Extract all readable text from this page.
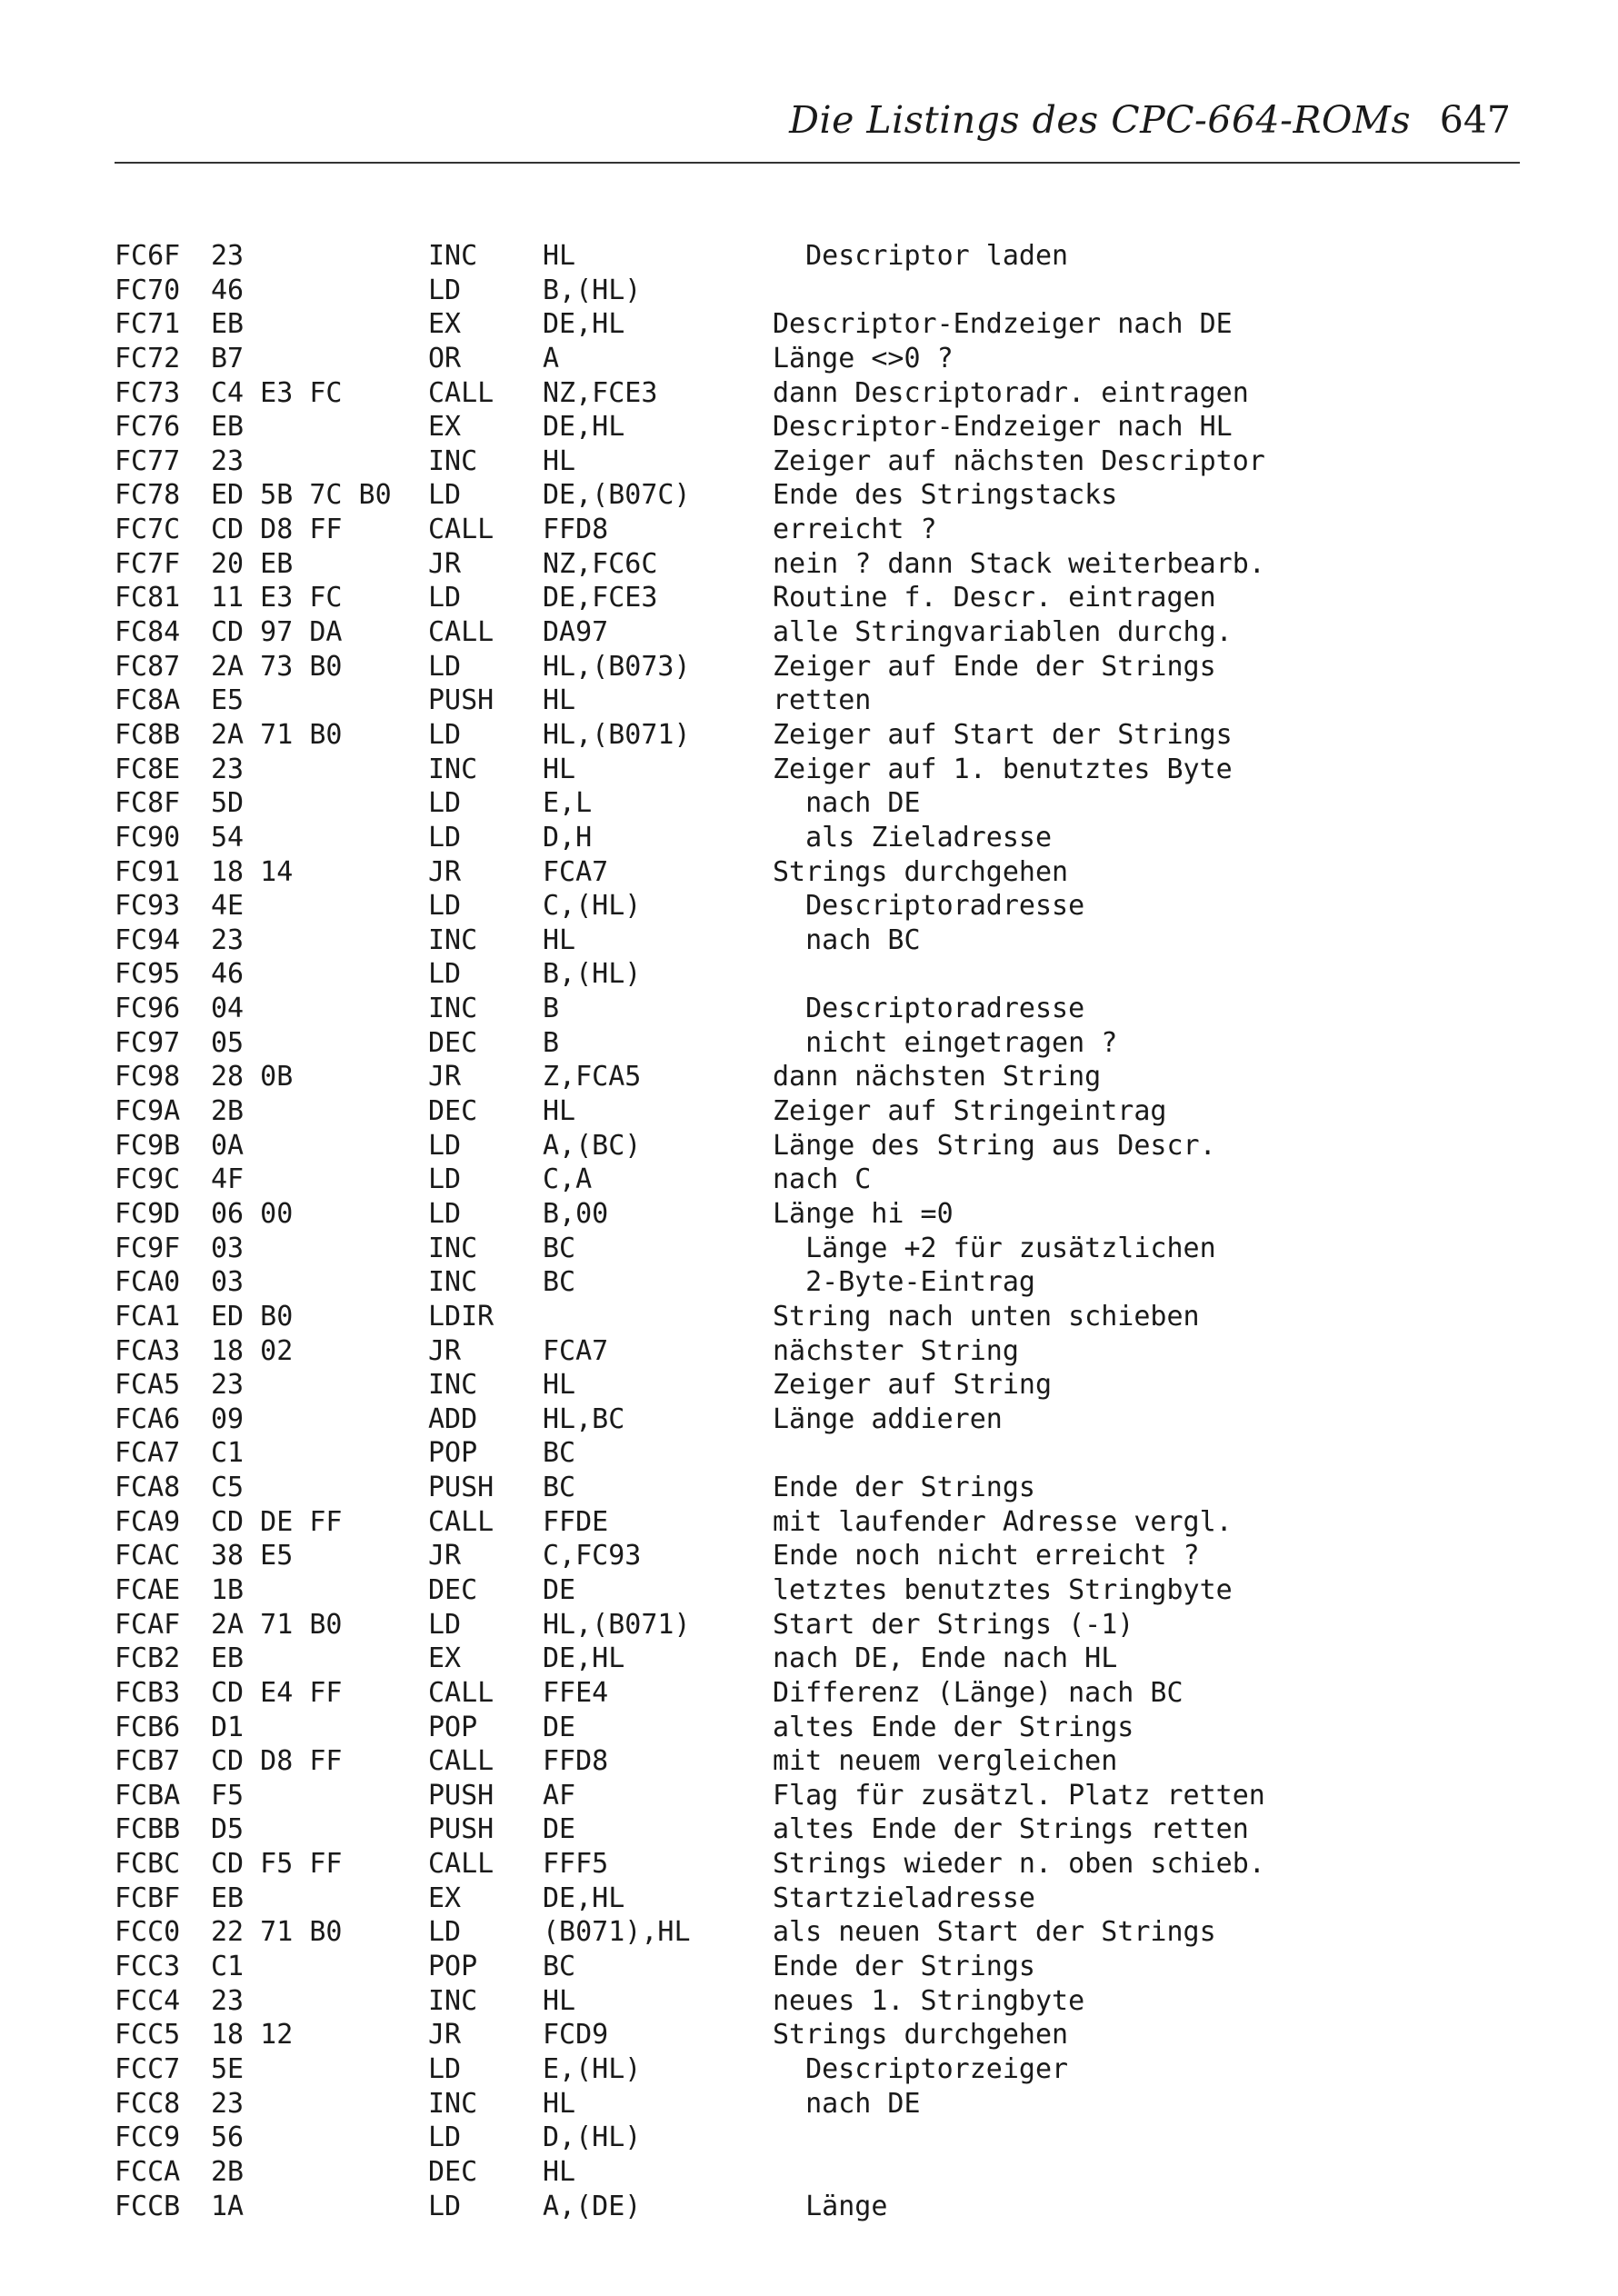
Die Listings des CPC-664-ROMs 647
FC6F 23	INC HL	Descriptor laden
FC70 46	LD	B,(HL)
FC71 EB	EX	DE,HL	Descriptor-Endzeiger nach DE
FC72 B7	OR	A	Länge <>0 ?
FC73 C4 E3 FC	CALL NZ,FCE3	dann Descriptoradr. eintragen
FC76 EB	EX	DE,HL	Descriptor-Endzeiger nach HL
FC77 23	INC HL	Zeiger auf nächsten Descriptor
FC78 ED 5B 7C B0 LD	DE,(B07C)	Ende des Stringstacks
FC7C CD D8 FF	CALL FFD8	erreicht ?
FC7F 20 EB	JR	NZ,FC6C	nein ? dann Stack weiterbearb.
FC81 11 E3 FC	LD	DE,FCE3	Routine f. Descr. eintragen
FC84 CD 97 DA	CALL DA97	alle Stringvariablen durchg.
FC87 2A 73 B0	LD	HL,(B073)	Zeiger auf Ende der Strings
FC8A E5	PUSH HL	retten
FC8B 2A 71 B0	LD	HL,(B071)	Zeiger auf Start der Strings
FC8E 23	INC HL	Zeiger auf 1. benutztes Byte
FC8F 5D	LD	E,L	nach DE
FC90 54	LD	D,H	als Zieladresse
FC91 18 14	JR	FCA7	Strings durchgehen
FC93 4E	LD	C,(HL)	Descriptoradresse
FC94 23	INC HL	nach BC
FC95 46	LD	B,(HL)
FC96 04	INC B	Descriptoradresse
FC97 05	DEC B	nicht eingetragen ?
FC98 28 0B	JR	Z,FCA5	dann nächsten String
FC9A 2B	DEC HL	Zeiger auf Stringeintrag
FC9B 0A	LD	A,(BC)	Länge des String aus Descr.
FC9C 4F	LD	C,A	nach C
FC9D 06 00	LD	B,00	Länge hi =0
FC9F 03	INC BC	Länge +2 für zusätzlichen
FCA0 03	INC BC	2-Byte-Eintrag
FCA1 ED B0	LDIR	String nach unten schieben
FCA3 18 02	JR	FCA7	nächster String
FCA5 23	INC HL	Zeiger auf String
FCA6 09	ADD HL,BC	Länge addieren
FCA7 C1	POP BC
FCA8 C5	PUSH BC	Ende der Strings
FCA9 CD DE FF	CALL FFDE	mit laufender Adresse vergl.
FCAC 38 E5	JR	C,FC93	Ende noch nicht erreicht ?
FCAE 1B	DEC DE	letztes benutztes Stringbyte
FCAF 2A 71 B0	LD	HL,(B071)	Start der Strings (-1)
FCB2 EB	EX	DE,HL	nach DE, Ende nach HL
FCB3 CD E4 FF	CALL FFE4	Differenz (Länge) nach BC
FCB6 D1	POP DE	altes Ende der Strings
FCB7 CD D8 FF	CALL FFD8	mit neuem vergleichen
FCBA F5	PUSH AF	Flag für zusätzl. Platz retten
FCBB D5	PUSH DE	altes Ende der Strings retten
FCBC CD F5 FF	CALL FFF5	Strings wieder n. oben schieb.
FCBF EB	EX	DE,HL	Startzieladresse
FCC0 22 71 B0	LD	(B071),HL	als neuen Start der Strings
FCC3 C1	POP BC	Ende der Strings
FCC4 23	INC HL	neues 1. Stringbyte
FCC5 18 12	JR	FCD9	Strings durchgehen
FCC7 5E	LD	E,(HL)	Descriptorzeiger
FCC8 23	INC HL	nach DE
FCC9 56	LD	D,(HL)
FCCA 2B	DEC HL
FCCB 1A	LD	A,(DE)	Länge
